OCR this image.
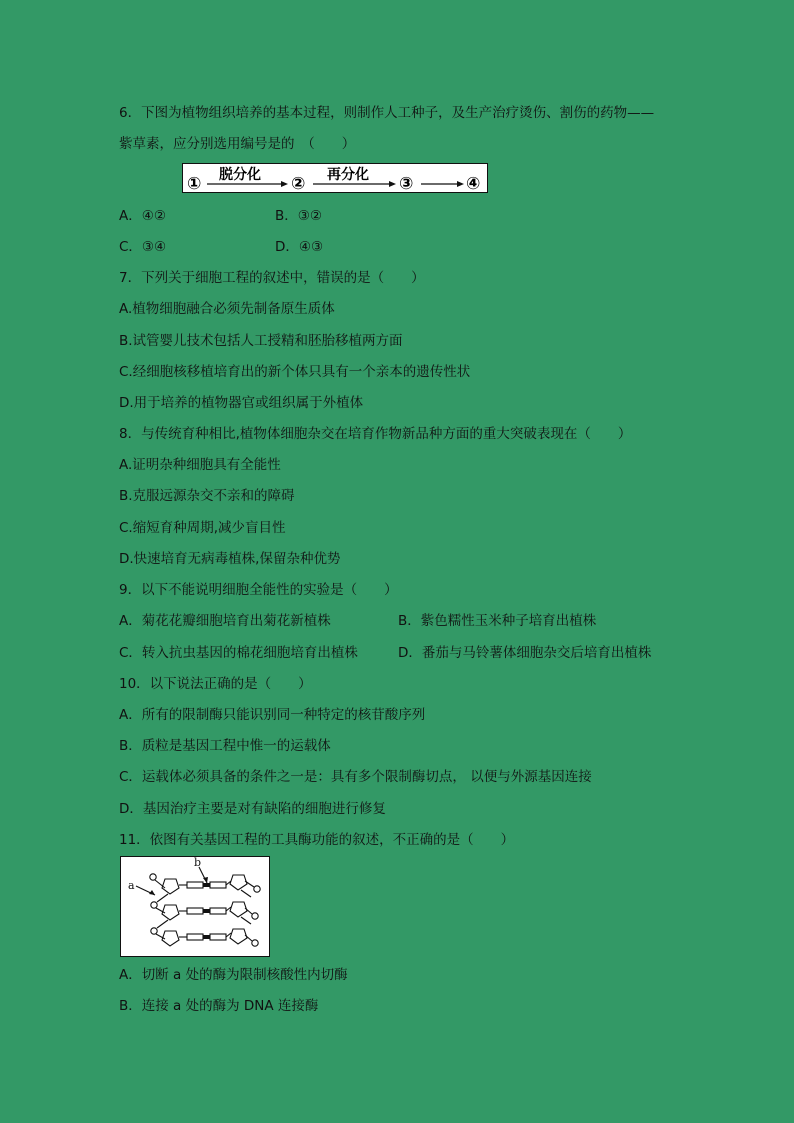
6．下图为植物组织培养的基本过程，则制作人工种子，及生产治疗烫伤、割伤的药物——
紫草素，应分别选用编号是的　（　　）
①	②	③	④
脱分化	再分化
A．④②	B．③②
C．③④	D．④③
7．下列关于细胞工程的叙述中，错误的是（　　）
A.植物细胞融合必须先制备原生质体
B.试管婴儿技术包括人工授精和胚胎移植两方面
C.经细胞核移植培育出的新个体只具有一个亲本的遗传性状
D.用于培养的植物器官或组织属于外植体
8．与传统育种相比,植物体细胞杂交在培育作物新品种方面的重大突破表现在（　　）
A.证明杂种细胞具有全能性
B.克服远源杂交不亲和的障碍
C.缩短育种周期,减少盲目性
D.快速培育无病毒植株,保留杂种优势
9．以下不能说明细胞全能性的实验是（　　）
A．菊花花瓣细胞培育出菊花新植株	B．紫色糯性玉米种子培育出植株
C．转入抗虫基因的棉花细胞培育出植株	D．番茄与马铃薯体细胞杂交后培育出植株
10．以下说法正确的是（　　）
A．所有的限制酶只能识别同一种特定的核苷酸序列
B．质粒是基因工程中惟一的运载体
C．运载体必须具备的条件之一是：具有多个限制酶切点， 以便与外源基因连接
D．基因治疗主要是对有缺陷的细胞进行修复
11．依图有关基因工程的工具酶功能的叙述，不正确的是（　　）
a
b
A．切断 a 处的酶为限制核酸性内切酶
B．连接 a 处的酶为 DNA 连接酶
